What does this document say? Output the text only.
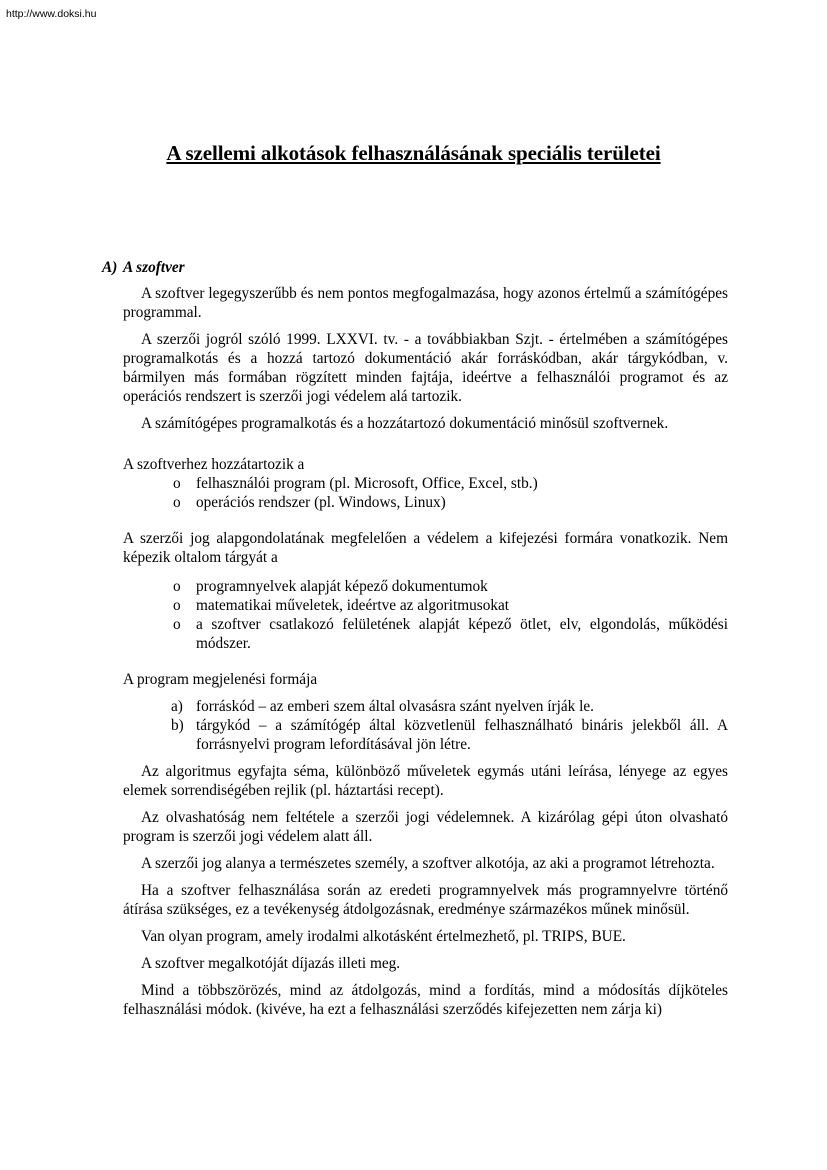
http://www.doksi.hu
A szellemi alkotások felhasználásának speciális területei
A) A szoftver

A szoftver legegyszerűbb és nem pontos megfogalmazása, hogy azonos értelmű a számítógépes programmal.

A szerzői jogról szóló 1999. LXXVI. tv. - a továbbiakban Szjt. - értelmében a számítógépes programalkotás és a hozzá tartozó dokumentáció akár forráskódban, akár tárgykódban, v. bármilyen más formában rögzített minden fajtája, ideértve a felhasználói programot és az operációs rendszert is szerzői jogi védelem alá tartozik.

A számítógépes programalkotás és a hozzátartozó dokumentáció minősül szoftvernek.

A szoftverhez hozzátartozik a

o felhasználói program (pl. Microsoft, Office, Excel, stb.)
o operációs rendszer (pl. Windows, Linux)

A szerzői jog alapgondolatának megfelelően a védelem a kifejezési formára vonatkozik. Nem képezik oltalom tárgyát a

o programnyelvek alapját képező dokumentumok
o matematikai műveletek, ideértve az algoritmusokat
o a szoftver csatlakozó felületének alapját képező ötlet, elv, elgondolás, működési módszer.

A program megjelenési formája

a) forráskód – az emberi szem által olvasásra szánt nyelven írják le.
b) tárgykód – a számítógép által közvetlenül felhasználható bináris jelekből áll. A forrásnyelvi program lefordításával jön létre.

Az algoritmus egyfajta séma, különböző műveletek egymás utáni leírása, lényege az egyes elemek sorrendiségében rejlik (pl. háztartási recept).

Az olvashatóság nem feltétele a szerzői jogi védelemnek. A kizárólag gépi úton olvasható program is szerzői jogi védelem alatt áll.

A szerzői jog alanya a természetes személy, a szoftver alkotója, az aki a programot létrehozta.

Ha a szoftver felhasználása során az eredeti programnyelvek más programnyelvre történő átírása szükséges, ez a tevékenység átdolgozásnak, eredménye származékos műnek minősül.

Van olyan program, amely irodalmi alkotásként értelmezhető, pl. TRIPS, BUE.

A szoftver megalkotóját díjazás illeti meg.

Mind a többszörözés, mind az átdolgozás, mind a fordítás, mind a módosítás díjköteles felhasználási módok. (kivéve, ha ezt a felhasználási szerződés kifejezetten nem zárja ki)
